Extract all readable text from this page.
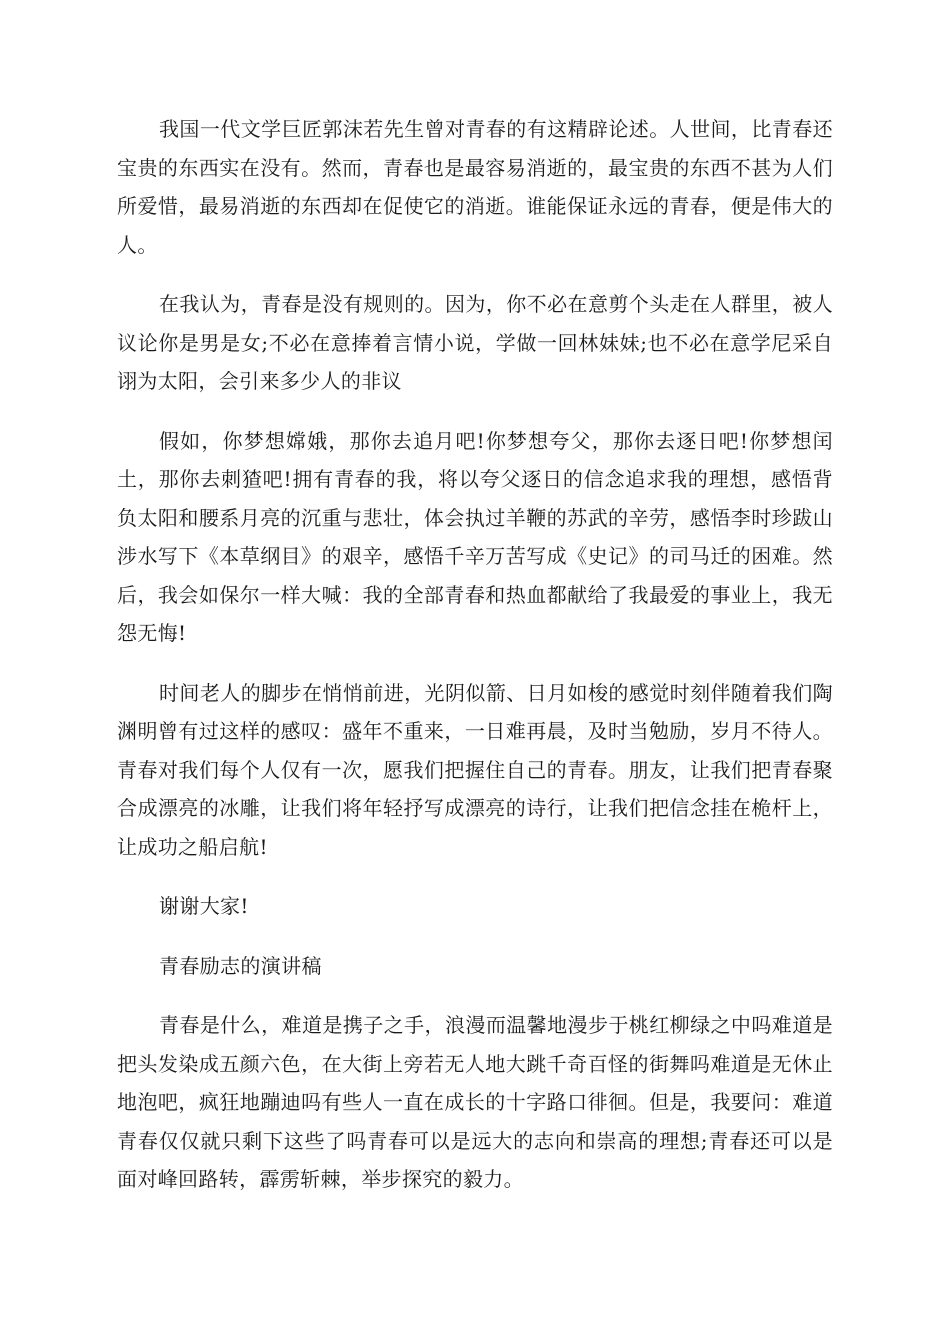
我国一代文学巨匠郭沫若先生曾对青春的有这精辟论述。人世间，比青春还宝贵的东西实在没有。然而，青春也是最容易消逝的，最宝贵的东西不甚为人们所爱惜，最易消逝的东西却在促使它的消逝。谁能保证永远的青春，便是伟大的人。

在我认为，青春是没有规则的。因为，你不必在意剪个头走在人群里，被人议论你是男是女;不必在意捧着言情小说，学做一回林妹妹;也不必在意学尼采自诩为太阳，会引来多少人的非议

假如，你梦想嫦娥，那你去追月吧!你梦想夸父，那你去逐日吧!你梦想闰土，那你去刺猹吧!拥有青春的我，将以夸父逐日的信念追求我的理想，感悟背负太阳和腰系月亮的沉重与悲壮，体会执过羊鞭的苏武的辛劳，感悟李时珍跋山涉水写下《本草纲目》的艰辛，感悟千辛万苦写成《史记》的司马迁的困难。然后，我会如保尔一样大喊：我的全部青春和热血都献给了我最爱的事业上，我无怨无悔!

时间老人的脚步在悄悄前进，光阴似箭、日月如梭的感觉时刻伴随着我们陶渊明曾有过这样的感叹：盛年不重来，一日难再晨，及时当勉励，岁月不待人。青春对我们每个人仅有一次，愿我们把握住自己的青春。朋友，让我们把青春聚合成漂亮的冰雕，让我们将年轻抒写成漂亮的诗行，让我们把信念挂在桅杆上，让成功之船启航!

谢谢大家!

青春励志的演讲稿

青春是什么，难道是携子之手，浪漫而温馨地漫步于桃红柳绿之中吗难道是把头发染成五颜六色，在大街上旁若无人地大跳千奇百怪的街舞吗难道是无休止地泡吧，疯狂地蹦迪吗有些人一直在成长的十字路口徘徊。但是，我要问：难道青春仅仅就只剩下这些了吗青春可以是远大的志向和崇高的理想;青春还可以是面对峰回路转，霹雳斩棘，举步探究的毅力。
